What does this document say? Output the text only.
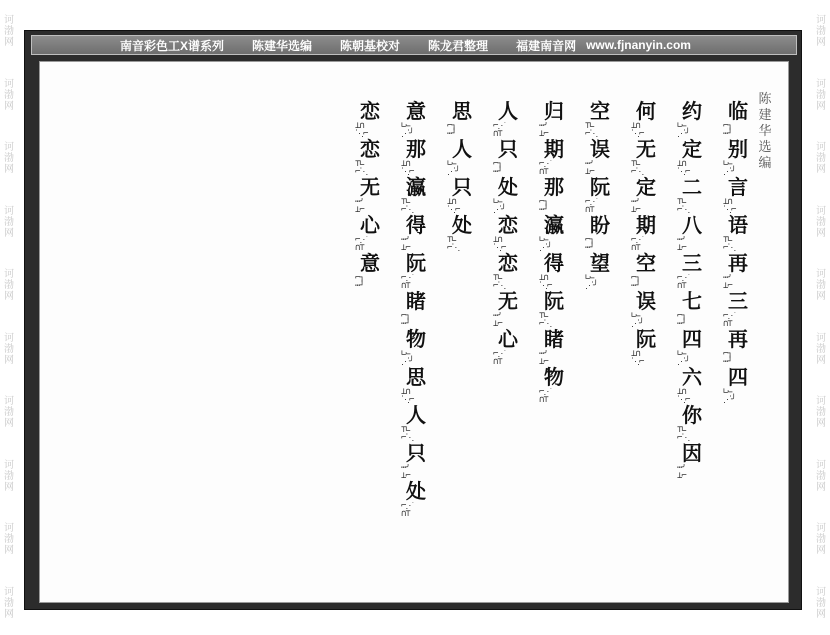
诃
渤
网
诃
渤
网
诃
渤
网
诃
渤
网
诃
渤
网
诃
渤
网
诃
渤
网
诃
渤
网
诃
渤
网
诃
渤
网
诃
渤
网
诃
渤
网
诃
渤
网
诃
渤
网
诃
渤
网
诃
渤
网
诃
渤
网
诃
渤
网
诃
渤
网
诃
渤
网
南音彩色工X谱系列 陈建华选编 陈朝基校对 陈龙君整理 福建南音网 www.fjnanyin.com
陈建华选编
临
⌐┐
⋯┘
别
∟⌙
⋰╯
言
⊥∩
⋱⌐
语
⊤∟
⌐⋱
再
⋯╯
⊥⌐
三
⌐⋰
∩⊤
再
⌐┐
⋯┘
四
∟⌙
⋰╯
约
∟⌙
⋰╯
定
⊥∩
⋱⌐
二
⊤∟
⌐⋱
八
⋯╯
⊥⌐
三
⌐⋰
∩⊤
七
⌐┐
⋯┘
四
∟⌙
⋰╯
六
⊥∩
⋱⌐
你
⊤∟
⌐⋱
因
⋯╯
⊥⌐
何
⊥∩
⋱⌐
无
⊤∟
⌐⋱
定
⋯╯
⊥⌐
期
⌐⋰
∩⊤
空
⌐┐
⋯┘
误
∟⌙
⋰╯
阮
⊥∩
⋱⌐
空
⊤∟
⌐⋱
误
⋯╯
⊥⌐
阮
⌐⋰
∩⊤
盼
⌐┐
⋯┘
望
∟⌙
⋰╯
归
⋯╯
⊥⌐
期
⌐⋰
∩⊤
那
⌐┐
⋯┘
瀛
∟⌙
⋰╯
得
⊥∩
⋱⌐
阮
⊤∟
⌐⋱
睹
⋯╯
⊥⌐
物
⌐⋰
∩⊤
人
⌐⋰
∩⊤
只
⌐┐
⋯┘
处
∟⌙
⋰╯
恋
⊥∩
⋱⌐
恋
⊤∟
⌐⋱
无
⋯╯
⊥⌐
心
⌐⋰
∩⊤
思
⌐┐
⋯┘
人
∟⌙
⋰╯
只
⊥∩
⋱⌐
处
⊤∟
⌐⋱
意
∟⌙
⋰╯
那
⊥∩
⋱⌐
瀛
⊤∟
⌐⋱
得
⋯╯
⊥⌐
阮
⌐⋰
∩⊤
睹
⌐┐
⋯┘
物
∟⌙
⋰╯
思
⊥∩
⋱⌐
人
⊤∟
⌐⋱
只
⋯╯
⊥⌐
处
⌐⋰
∩⊤
恋
⊥∩
⋱⌐
恋
⊤∟
⌐⋱
无
⋯╯
⊥⌐
心
⌐⋰
∩⊤
意
⌐┐
⋯┘
